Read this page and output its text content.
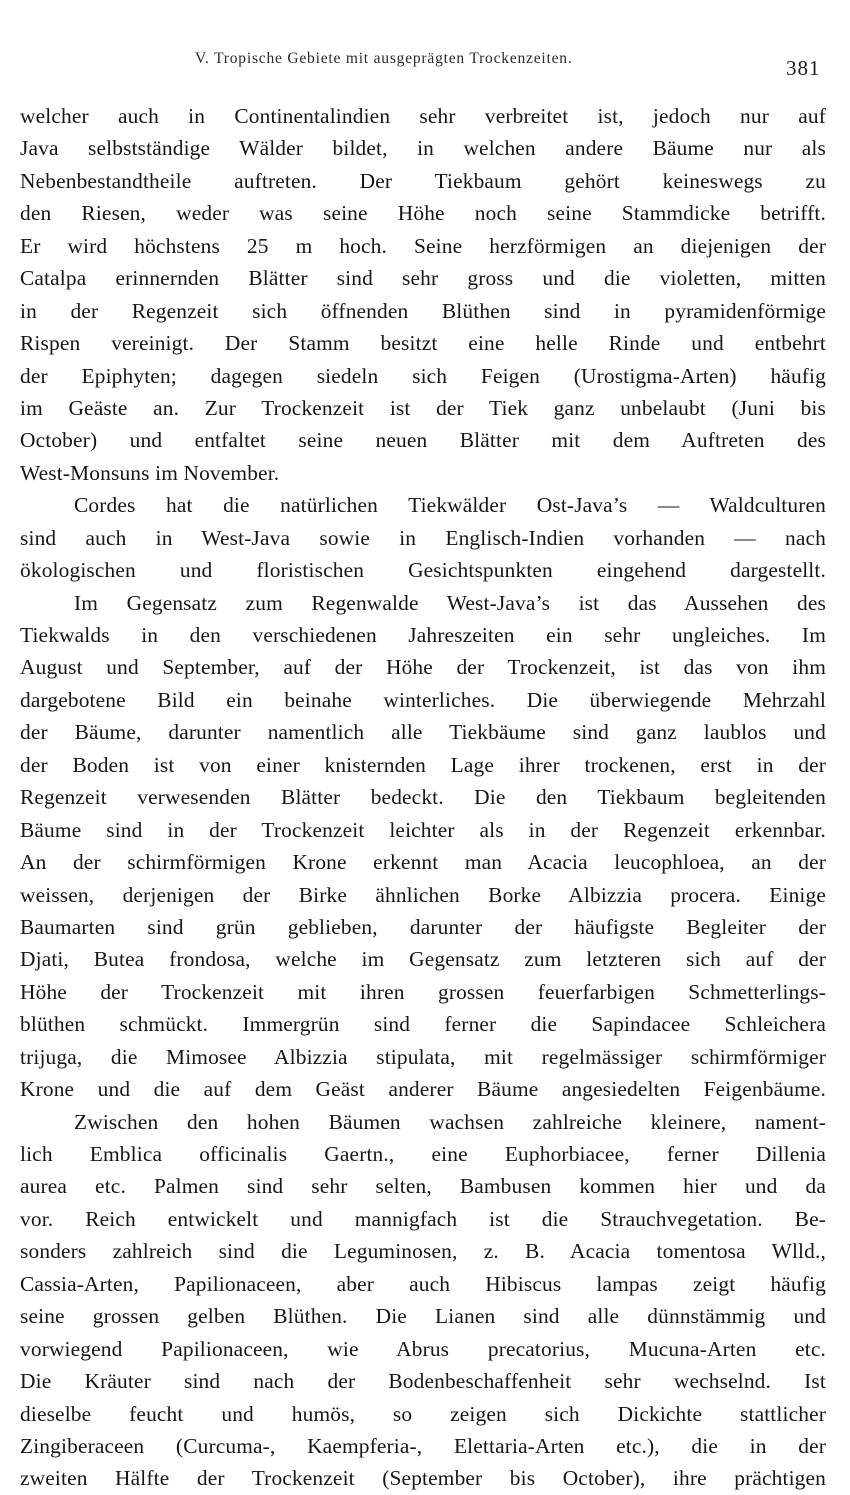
V. Tropische Gebiete mit ausgeprägten Trockenzeiten.	381
welcher auch in Continentalindien sehr verbreitet ist, jedoch nur auf
Java selbstständige Wälder bildet, in welchen andere Bäume nur als
Nebenbestandtheile auftreten. Der Tiekbaum gehört keineswegs zu
den Riesen, weder was seine Höhe noch seine Stammdicke betrifft.
Er wird höchstens 25 m hoch. Seine herzförmigen an diejenigen der
Catalpa erinnernden Blätter sind sehr gross und die violetten, mitten
in der Regenzeit sich öffnenden Blüthen sind in pyramidenförmige
Rispen vereinigt. Der Stamm besitzt eine helle Rinde und entbehrt
der Epiphyten; dagegen siedeln sich Feigen (Urostigma-Arten) häufig
im Geäste an. Zur Trockenzeit ist der Tiek ganz unbelaubt (Juni bis
October) und entfaltet seine neuen Blätter mit dem Auftreten des
West-Monsuns im November.
Cordes hat die natürlichen Tiekwälder Ost-Java’s — Waldculturen
sind auch in West-Java sowie in Englisch-Indien vorhanden — nach
ökologischen und floristischen Gesichtspunkten eingehend dargestellt.
Im Gegensatz zum Regenwalde West-Java’s ist das Aussehen des
Tiekwalds in den verschiedenen Jahreszeiten ein sehr ungleiches. Im
August und September, auf der Höhe der Trockenzeit, ist das von ihm
dargebotene Bild ein beinahe winterliches. Die überwiegende Mehrzahl
der Bäume, darunter namentlich alle Tiekbäume sind ganz laublos und
der Boden ist von einer knisternden Lage ihrer trockenen, erst in der
Regenzeit verwesenden Blätter bedeckt. Die den Tiekbaum begleitenden
Bäume sind in der Trockenzeit leichter als in der Regenzeit erkennbar.
An der schirmförmigen Krone erkennt man Acacia leucophloea, an der
weissen, derjenigen der Birke ähnlichen Borke Albizzia procera. Einige
Baumarten sind grün geblieben, darunter der häufigste Begleiter der
Djati, Butea frondosa, welche im Gegensatz zum letzteren sich auf der
Höhe der Trockenzeit mit ihren grossen feuerfarbigen Schmetterlings-
blüthen schmückt. Immergrün sind ferner die Sapindacee Schleichera
trijuga, die Mimosee Albizzia stipulata, mit regelmässiger schirmförmiger
Krone und die auf dem Geäst anderer Bäume angesiedelten Feigenbäume.
Zwischen den hohen Bäumen wachsen zahlreiche kleinere, nament-
lich Emblica officinalis Gaertn., eine Euphorbiacee, ferner Dillenia
aurea etc. Palmen sind sehr selten, Bambusen kommen hier und da
vor. Reich entwickelt und mannigfach ist die Strauchvegetation. Be-
sonders zahlreich sind die Leguminosen, z. B. Acacia tomentosa Wlld.,
Cassia-Arten, Papilionaceen, aber auch Hibiscus lampas zeigt häufig
seine grossen gelben Blüthen. Die Lianen sind alle dünnstämmig und
vorwiegend Papilionaceen, wie Abrus precatorius, Mucuna-Arten etc.
Die Kräuter sind nach der Bodenbeschaffenheit sehr wechselnd. Ist
dieselbe feucht und humös, so zeigen sich Dickichte stattlicher
Zingiberaceen (Curcuma-, Kaempferia-, Elettaria-Arten etc.), die in der
zweiten Hälfte der Trockenzeit (September bis October), ihre prächtigen
